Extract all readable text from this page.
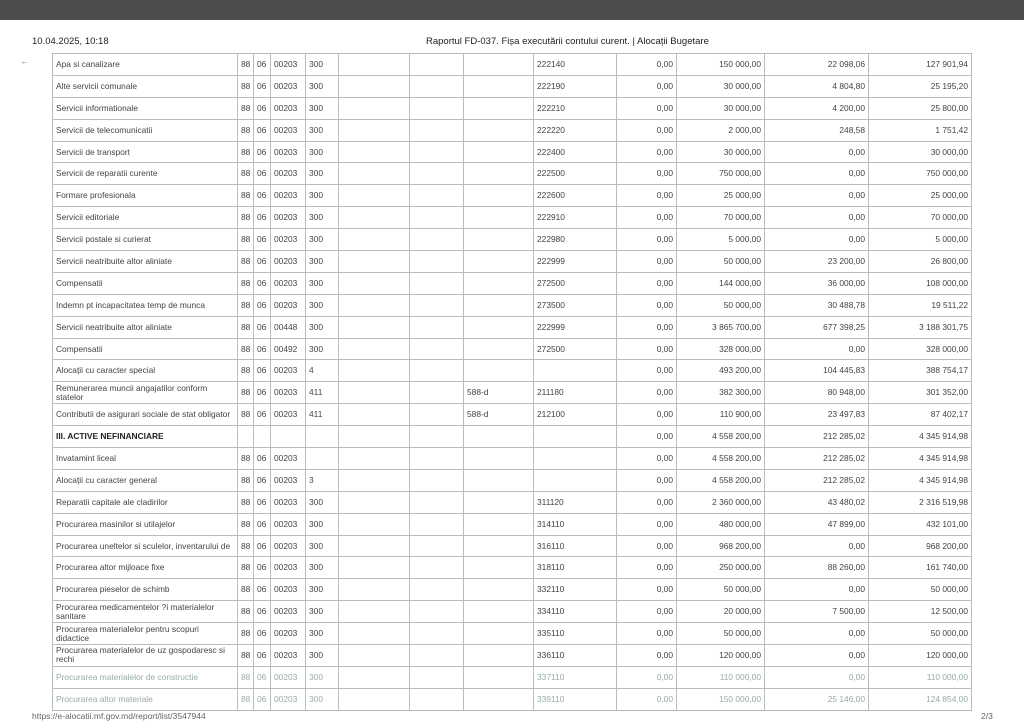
10.04.2025, 10:18	Raportul FD-037. Fișa executării contului curent. | Alocații Bugetare
←	Apa si canalizare	88	06	00203	300				222140	0,00	150 000,00	22 098,06	127 901,94
Alte servicii comunale	88	06	00203	300				222190	0,00	30 000,00	4 804,80	25 195,20
Servicii informationale	88	06	00203	300				222210	0,00	30 000,00	4 200,00	25 800,00
Servicii de telecomunicatii	88	06	00203	300				222220	0,00	2 000,00	248,58	1 751,42
Servicii de transport	88	06	00203	300				222400	0,00	30 000,00	0,00	30 000,00
Servicii de reparatii curente	88	06	00203	300				222500	0,00	750 000,00	0,00	750 000,00
Formare profesionala	88	06	00203	300				222600	0,00	25 000,00	0,00	25 000,00
Servicii editoriale	88	06	00203	300				222910	0,00	70 000,00	0,00	70 000,00
Servicii postale si curierat	88	06	00203	300				222980	0,00	5 000,00	0,00	5 000,00
Servicii neatribuite altor aliniate	88	06	00203	300				222999	0,00	50 000,00	23 200,00	26 800,00
Compensatii	88	06	00203	300				272500	0,00	144 000,00	36 000,00	108 000,00
Indemn pt incapacitatea temp de munca	88	06	00203	300				273500	0,00	50 000,00	30 488,78	19 511,22
Servicii neatribuite altor aliniate	88	06	00448	300				222999	0,00	3 865 700,00	677 398,25	3 188 301,75
Compensatii	88	06	00492	300				272500	0,00	328 000,00	0,00	328 000,00
Alocații cu caracter special	88	06	00203	4					0,00	493 200,00	104 445,83	388 754,17
Remunerarea muncii angajatilor conform statelor	88	06	00203	411			588-d	211180	0,00	382 300,00	80 948,00	301 352,00
Contributii de asigurari sociale de stat obligator	88	06	00203	411			588-d	212100	0,00	110 900,00	23 497,83	87 402,17
III. ACTIVE NEFINANCIARE									0,00	4 558 200,00	212 285,02	4 345 914,98
Invatamint liceal	88	06	00203						0,00	4 558 200,00	212 285,02	4 345 914,98
Alocații cu caracter general	88	06	00203	3					0,00	4 558 200,00	212 285,02	4 345 914,98
Reparatii capitale ale cladirilor	88	06	00203	300				311120	0,00	2 360 000,00	43 480,02	2 316 519,98
Procurarea masinilor si utilajelor	88	06	00203	300				314110	0,00	480 000,00	47 899,00	432 101,00
Procurarea uneltelor si sculelor, inventarului de	88	06	00203	300				316110	0,00	968 200,00	0,00	968 200,00
Procurarea altor mijloace fixe	88	06	00203	300				318110	0,00	250 000,00	88 260,00	161 740,00
Procurarea pieselor de schimb	88	06	00203	300				332110	0,00	50 000,00	0,00	50 000,00
Procurarea medicamentelor ?i materialelor sanitare	88	06	00203	300				334110	0,00	20 000,00	7 500,00	12 500,00
Procurarea materialelor pentru scopuri didactice	88	06	00203	300				335110	0,00	50 000,00	0,00	50 000,00
Procurarea materialelor de uz gospodaresc si rechi	88	06	00203	300				336110	0,00	120 000,00	0,00	120 000,00
Procurarea materialelor de constructie	88	06	00203	300				337110	0,00	110 000,00	0,00	110 000,00
Procurarea altor materiale	88	06	00203	300				339110	0,00	150 000,00	25 146,00	124 854,00
https://e-alocatii.mf.gov.md/report/list/3547944	2/3
